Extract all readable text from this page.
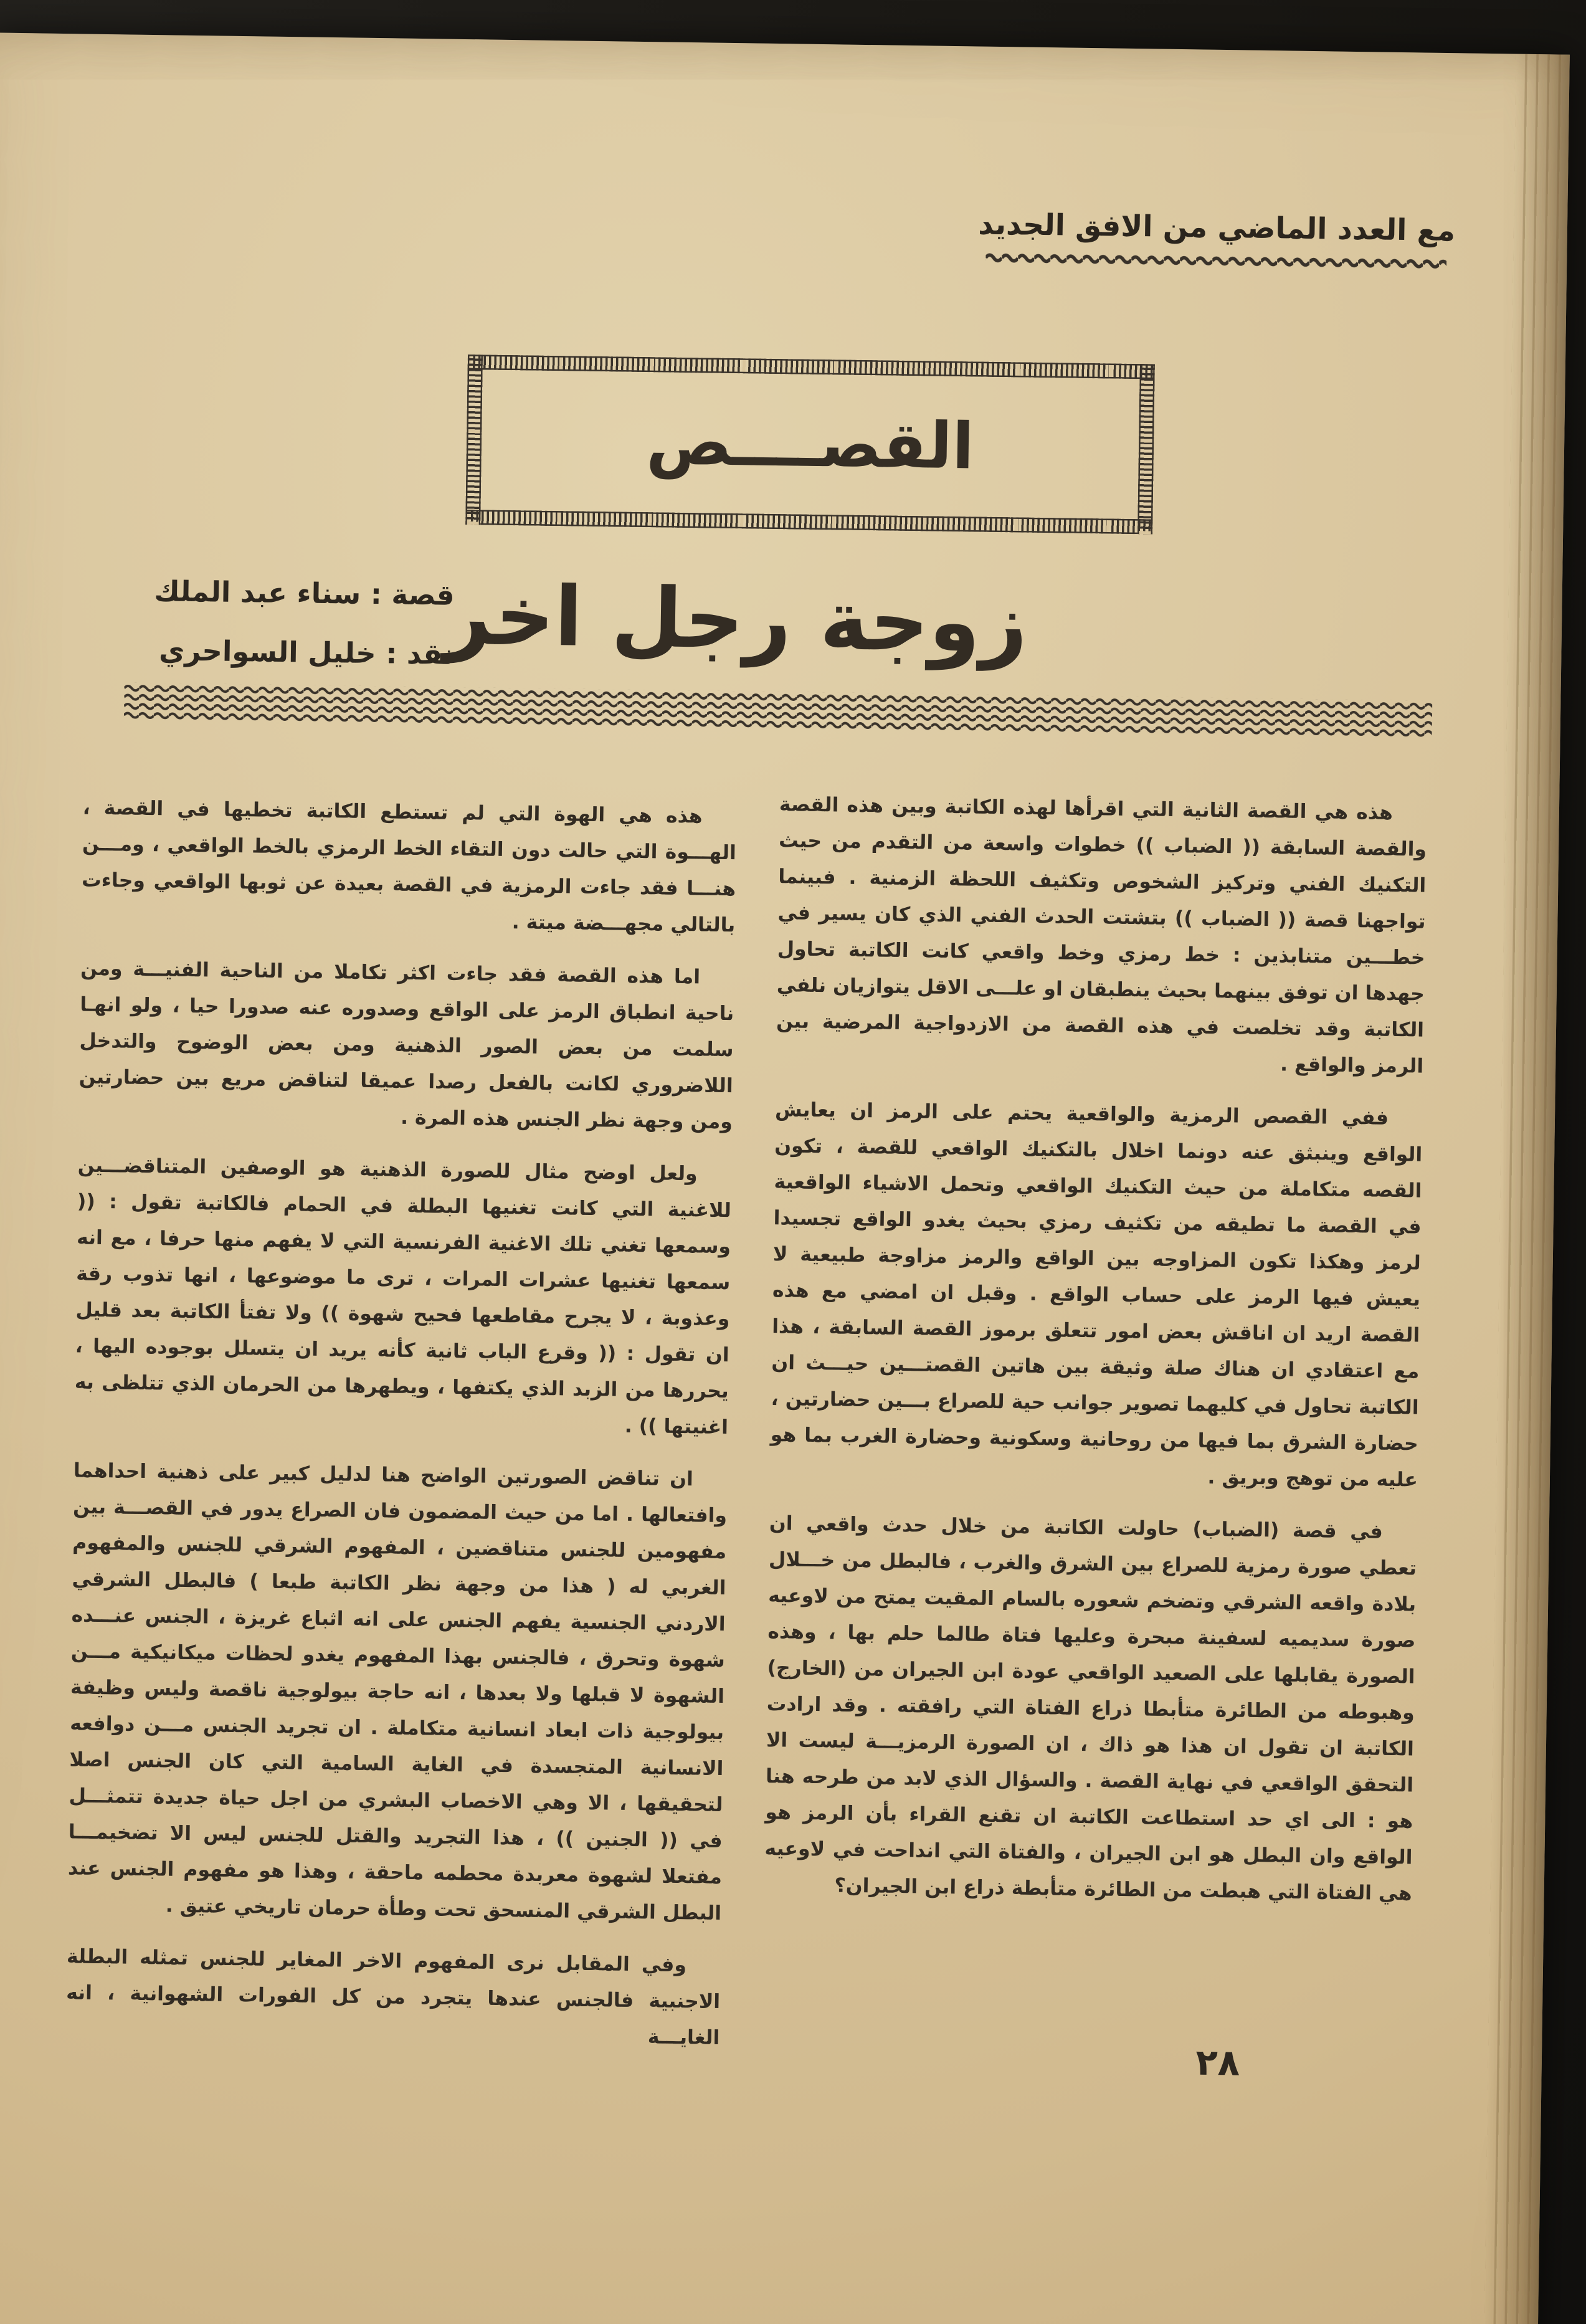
مع العدد الماضي من الافق الجديد
القصــــص
قصة : سناء عبد الملك
نقد : خليل السواحري
زوجة رجل اخر

هذه هي القصة الثانية التي اقرأها لهذه الكاتبة وبين هذه القصة والقصة السابقة (( الضباب )) خطوات واسعة من التقدم من حيث التكنيك الفني وتركيز الشخوص وتكثيف اللحظة الزمنية . فبينما تواجهنا قصة (( الضباب )) بتشتت الحدث الفني الذي كان يسير في خطـــين متنابذين : خط رمزي وخط واقعي كانت الكاتبة تحاول جهدها ان توفق بينهما بحيث ينطبقان او علـــى الاقل يتوازيان نلفي الكاتبة وقد تخلصت في هذه القصة من الازدواجية المرضية بين الرمز والواقع .

ففي القصص الرمزية والواقعية يحتم على الرمز ان يعايش الواقع وينبثق عنه دونما اخلال بالتكنيك الواقعي للقصة ، تكون القصه متكاملة من حيث التكنيك الواقعي وتحمل الاشياء الواقعية في القصة ما تطيقه من تكثيف رمزي بحيث يغدو الواقع تجسيدا لرمز وهكذا تكون المزاوجه بين الواقع والرمز مزاوجة طبيعية لا يعيش فيها الرمز على حساب الواقع . وقبل ان امضي مع هذه القصة اريد ان اناقش بعض امور تتعلق برموز القصة السابقة ، هذا مع اعتقادي ان هناك صلة وثيقة بين هاتين القصتـــين حيـــث ان الكاتبة تحاول في كليهما تصوير جوانب حية للصراع بـــين حضارتين ، حضارة الشرق بما فيها من روحانية وسكونية وحضارة الغرب بما هو عليه من توهج وبريق .

في قصة (الضباب) حاولت الكاتبة من خلال حدث واقعي ان تعطي صورة رمزية للصراع بين الشرق والغرب ، فالبطل من خـــلال بلادة واقعه الشرقي وتضخم شعوره بالسام المقيت يمتح من لاوعيه صورة سديميه لسفينة مبحرة وعليها فتاة طالما حلم بها ، وهذه الصورة يقابلها على الصعيد الواقعي عودة ابن الجيران من (الخارج) وهبوطه من الطائرة متأبطا ذراع الفتاة التي رافقته . وقد ارادت الكاتبة ان تقول ان هذا هو ذاك ، ان الصورة الرمزيـــة ليست الا التحقق الواقعي في نهاية القصة . والسؤال الذي لابد من طرحه هنا هو : الى اي حد استطاعت الكاتبة ان تقنع القراء بأن الرمز هو الواقع وان البطل هو ابن الجيران ، والفتاة التي انداحت في لاوعيه هي الفتاة التي هبطت من الطائرة متأبطة ذراع ابن الجيران؟

هذه هي الهوة التي لم تستطع الكاتبة تخطيها في القصة ، الهـــوة التي حالت دون التقاء الخط الرمزي بالخط الواقعي ، ومـــن هنـــا فقد جاءت الرمزية في القصة بعيدة عن ثوبها الواقعي وجاءت بالتالي مجهـــضة ميتة .

اما هذه القصة فقد جاءت اكثر تكاملا من الناحية الفنيـــة ومن ناحية انطباق الرمز على الواقع وصدوره عنه صدورا حيا ، ولو انهـا سلمت من بعض الصور الذهنية ومن بعض الوضوح والتدخل اللاضروري لكانت بالفعل رصدا عميقا لتناقض مريع بين حضارتين ومن وجهة نظر الجنس هذه المرة .

ولعل اوضح مثال للصورة الذهنية هو الوصفين المتناقضـــين للاغنية التي كانت تغنيها البطلة في الحمام فالكاتبة تقول : (( وسمعها تغني تلك الاغنية الفرنسية التي لا يفهم منها حرفا ، مع انه سمعها تغنيها عشرات المرات ، ترى ما موضوعها ، انها تذوب رقة وعذوبة ، لا يجرح مقاطعها فحيح شهوة )) ولا تفتأ الكاتبة بعد قليل ان تقول : (( وقرع الباب ثانية كأنه يريد ان يتسلل بوجوده اليها ، يحررها من الزبد الذي يكتفها ، ويطهرها من الحرمان الذي تتلظى به اغنيتها )) .

ان تناقض الصورتين الواضح هنا لدليل كبير على ذهنية احداهما وافتعالها . اما من حيث المضمون فان الصراع يدور في القصـــة بين مفهومين للجنس متناقضين ، المفهوم الشرقي للجنس والمفهوم الغربي له ( هذا من وجهة نظر الكاتبة طبعا ) فالبطل الشرقي الاردني الجنسية يفهم الجنس على انه اثباع غريزة ، الجنس عنـــده شهوة وتحرق ، فالجنس بهذا المفهوم يغدو لحظات ميكانيكية مـــن الشهوة لا قبلها ولا بعدها ، انه حاجة بيولوجية ناقصة وليس وظيفة بيولوجية ذات ابعاد انسانية متكاملة . ان تجريد الجنس مـــن دوافعه الانسانية المتجسدة في الغاية السامية التي كان الجنس اصلا لتحقيقها ، الا وهي الاخصاب البشري من اجل حياة جديدة تتمثـــل في (( الجنين )) ، هذا التجريد والقتل للجنس ليس الا تضخيمـــا مفتعلا لشهوة معربدة محطمه ماحقة ، وهذا هو مفهوم الجنس عند البطل الشرقي المنسحق تحت وطأة حرمان تاريخي عتيق .

وفي المقابل نرى المفهوم الاخر المغاير للجنس تمثله البطلة الاجنبية فالجنس عندها يتجرد من كل الفورات الشهوانية ، انه الغايـــة

٢٨
